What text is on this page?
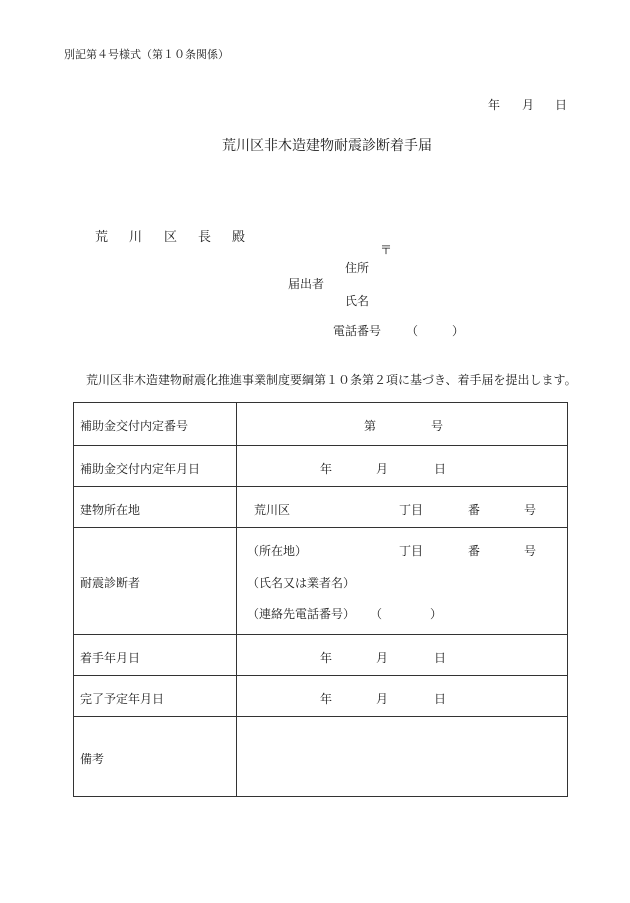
別記第４号様式（第１０条関係）
年 月 日
荒川区非木造建物耐震診断着手届
荒 川 区 長 殿
〒
住所
届出者
氏名
電話番号 （	）
荒川区非木造建物耐震化推進事業制度要綱第１０条第２項に基づき、着手届を提出します。
補助金交付内定番号	第	号
補助金交付内定年月日	年	月	日
建物所在地	荒川区	丁目	番	号
耐震診断者
（所在地）	丁目	番	号
（氏名又は業者名）
（連絡先電話番号） （	）
着手年月日	年	月	日
完了予定年月日	年	月	日
備考
